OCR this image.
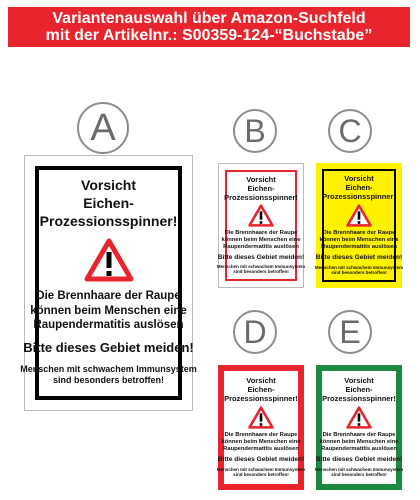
Variantenauswahl über Amazon-Suchfeld
mit der Artikelnr.: S00359-124-“Buchstabe”
A	B C
D E
Vorsicht
Eichen-
Prozessionsspinner!
Die Brennhaare der Raupe
können beim Menschen eine
Raupendermatitis auslösen
Bitte dieses Gebiet meiden!
Menschen mit schwachem Immunsystem
sind besonders betroffen!
Vorsicht
Eichen-
Prozessionsspinner!
Die Brennhaare der Raupe
können beim Menschen eine
Raupendermatitis auslösen
Bitte dieses Gebiet meiden!
Menschen mit schwachem Immunsystem
sind besonders betroffen!
Vorsicht
Eichen-
Prozessionsspinner!
Die Brennhaare der Raupe
können beim Menschen eine
Raupendermatitis auslösen
Bitte dieses Gebiet meiden!
Menschen mit schwachem Immunsystem
sind besonders betroffen!
Vorsicht
Eichen-
Prozessionsspinner!
Die Brennhaare der Raupe
können beim Menschen eine
Raupendermatitis auslösen
Bitte dieses Gebiet meiden!
Menschen mit schwachem Immunsystem
sind besonders betroffen!
Vorsicht
Eichen-
Prozessionsspinner!
Die Brennhaare der Raupe
können beim Menschen eine
Raupendermatitis auslösen
Bitte dieses Gebiet meiden!
Menschen mit schwachem Immunsystem
sind besonders betroffen!
